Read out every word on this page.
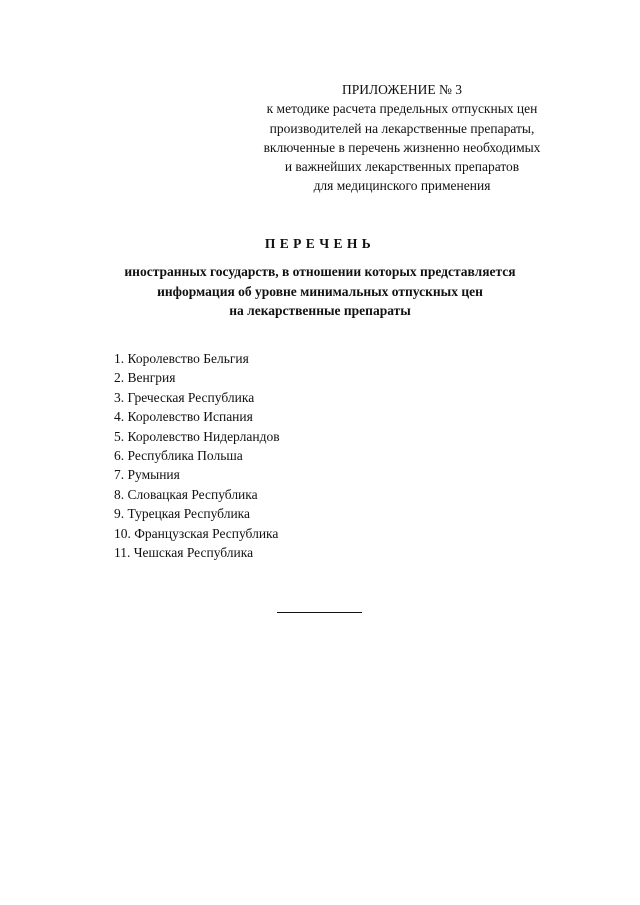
ПРИЛОЖЕНИЕ № 3
к методике расчета предельных отпускных цен
производителей на лекарственные препараты,
включенные в перечень жизненно необходимых
и важнейших лекарственных препаратов
для медицинского применения
ПЕРЕЧЕНЬ
иностранных государств, в отношении которых представляется
информация об уровне минимальных отпускных цен
на лекарственные препараты
1. Королевство Бельгия
2. Венгрия
3. Греческая Республика
4. Королевство Испания
5. Королевство Нидерландов
6. Республика Польша
7. Румыния
8. Словацкая Республика
9. Турецкая Республика
10. Французская Республика
11. Чешская Республика
